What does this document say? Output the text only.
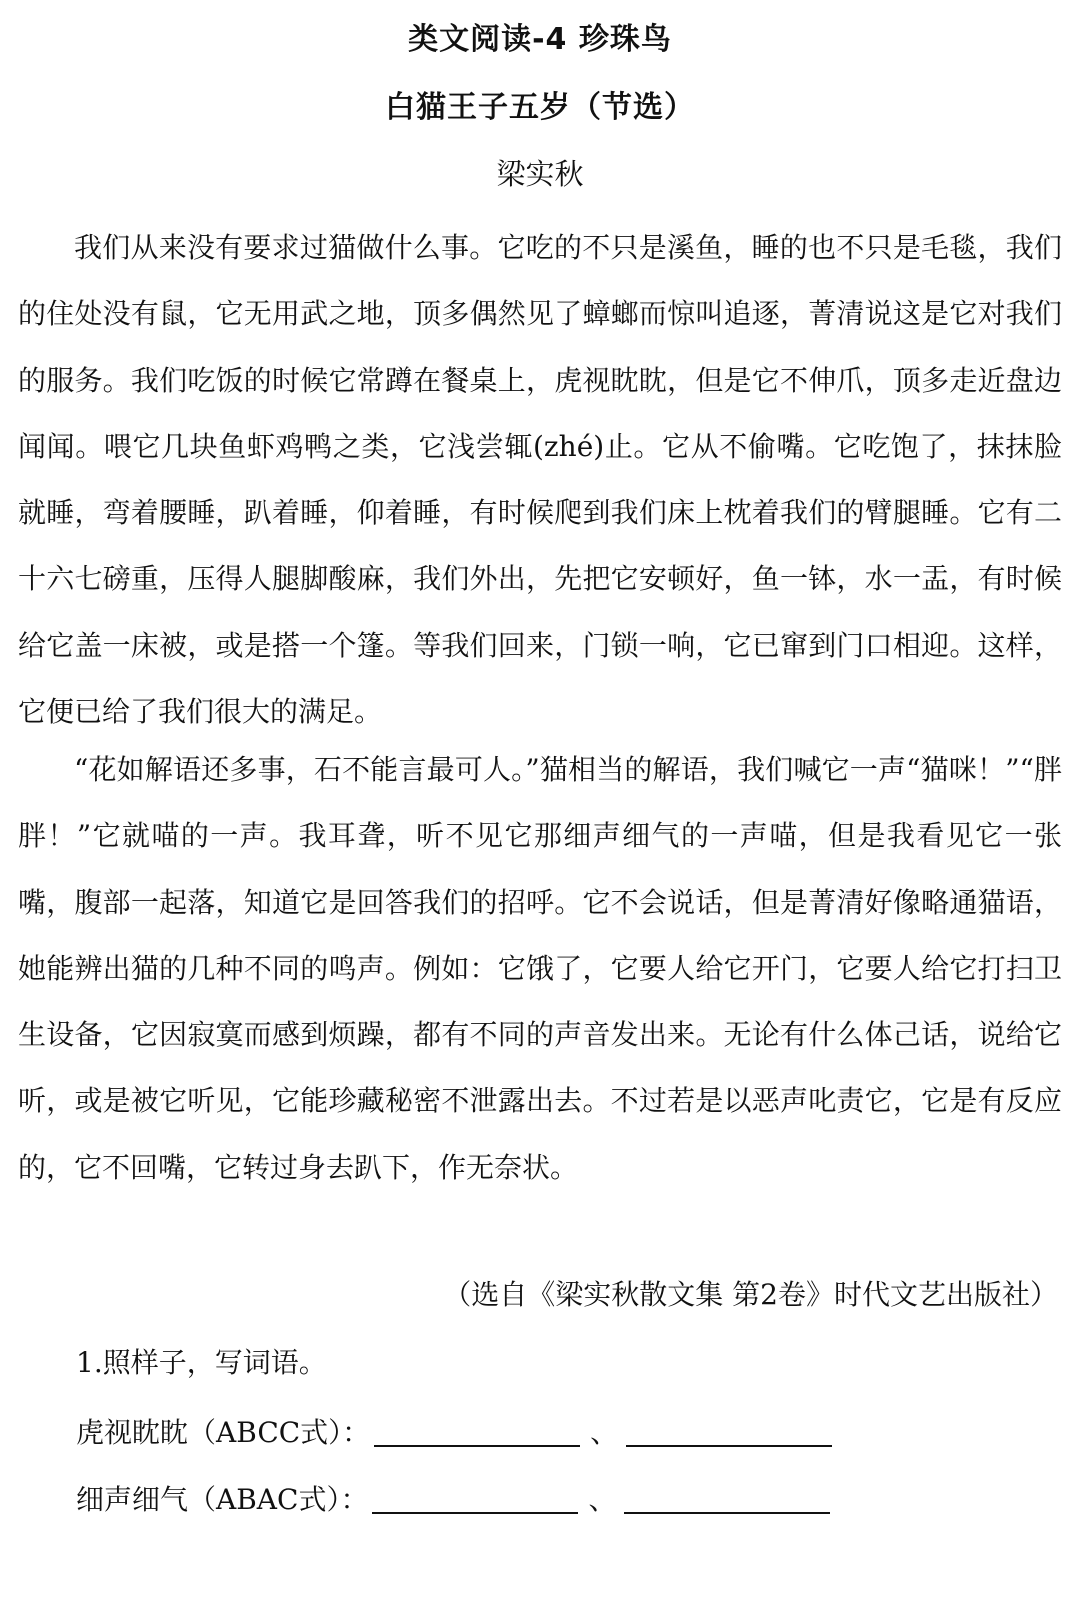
类文阅读-4 珍珠鸟
白猫王子五岁（节选）
梁实秋

我们从来没有要求过猫做什么事。它吃的不只是溪鱼，睡的也不只是毛毯，我们的住处没有鼠，它无用武之地，顶多偶然见了蟑螂而惊叫追逐，菁清说这是它对我们的服务。我们吃饭的时候它常蹲在餐桌上，虎视眈眈，但是它不伸爪，顶多走近盘边闻闻。喂它几块鱼虾鸡鸭之类，它浅尝辄(zhé)止。它从不偷嘴。它吃饱了，抹抹脸就睡，弯着腰睡，趴着睡，仰着睡，有时候爬到我们床上枕着我们的臂腿睡。它有二十六七磅重，压得人腿脚酸麻，我们外出，先把它安顿好，鱼一钵，水一盂，有时候给它盖一床被，或是搭一个篷。等我们回来，门锁一响，它已窜到门口相迎。这样，它便已给了我们很大的满足。

“花如解语还多事，石不能言最可人。”猫相当的解语，我们喊它一声“猫咪！”“胖胖！”它就喵的一声。我耳聋，听不见它那细声细气的一声喵，但是我看见它一张嘴，腹部一起落，知道它是回答我们的招呼。它不会说话，但是菁清好像略通猫语，她能辨出猫的几种不同的鸣声。例如：它饿了，它要人给它开门，它要人给它打扫卫生设备，它因寂寞而感到烦躁，都有不同的声音发出来。无论有什么体己话，说给它听，或是被它听见，它能珍藏秘密不泄露出去。不过若是以恶声叱责它，它是有反应的，它不回嘴，它转过身去趴下，作无奈状。

（选自《梁实秋散文集 第2卷》时代文艺出版社）
1.照样子，写词语。
虎视眈眈（ABCC式）：	、
细声细气（ABAC式）：	、
